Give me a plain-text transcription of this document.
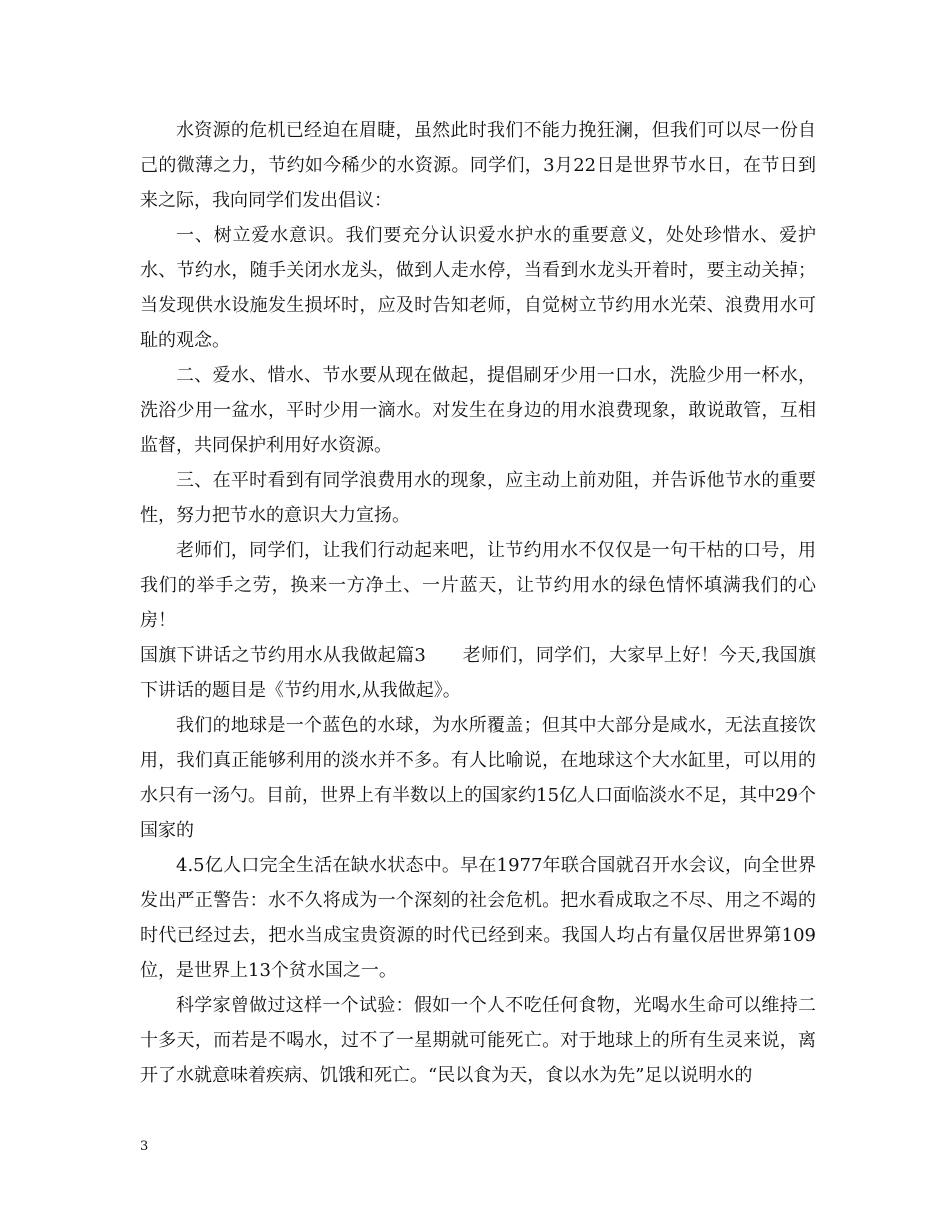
水资源的危机已经迫在眉睫，虽然此时我们不能力挽狂澜，但我们可以尽一份自己的微薄之力，节约如今稀少的水资源。同学们，3月22日是世界节水日，在节日到来之际，我向同学们发出倡议：

一、树立爱水意识。我们要充分认识爱水护水的重要意义，处处珍惜水、爱护水、节约水，随手关闭水龙头，做到人走水停，当看到水龙头开着时，要主动关掉；当发现供水设施发生损坏时，应及时告知老师，自觉树立节约用水光荣、浪费用水可耻的观念。

二、爱水、惜水、节水要从现在做起，提倡刷牙少用一口水，洗脸少用一杯水，洗浴少用一盆水，平时少用一滴水。对发生在身边的用水浪费现象，敢说敢管，互相监督，共同保护利用好水资源。

三、在平时看到有同学浪费用水的现象，应主动上前劝阻，并告诉他节水的重要性，努力把节水的意识大力宣扬。

老师们，同学们，让我们行动起来吧，让节约用水不仅仅是一句干枯的口号，用我们的举手之劳，换来一方净土、一片蓝天，让节约用水的绿色情怀填满我们的心房！

国旗下讲话之节约用水从我做起篇3　　老师们，同学们，大家早上好！今天,我国旗下讲话的题目是《节约用水,从我做起》。

我们的地球是一个蓝色的水球，为水所覆盖；但其中大部分是咸水，无法直接饮用，我们真正能够利用的淡水并不多。有人比喻说，在地球这个大水缸里，可以用的水只有一汤勺。目前，世界上有半数以上的国家约15亿人口面临淡水不足，其中29个国家的

4.5亿人口完全生活在缺水状态中。早在1977年联合国就召开水会议，向全世界发出严正警告：水不久将成为一个深刻的社会危机。把水看成取之不尽、用之不竭的时代已经过去，把水当成宝贵资源的时代已经到来。我国人均占有量仅居世界第109位，是世界上13个贫水国之一。

科学家曾做过这样一个试验：假如一个人不吃任何食物，光喝水生命可以维持二十多天，而若是不喝水，过不了一星期就可能死亡。对于地球上的所有生灵来说，离开了水就意味着疾病、饥饿和死亡。“民以食为天，食以水为先”足以说明水的

3
